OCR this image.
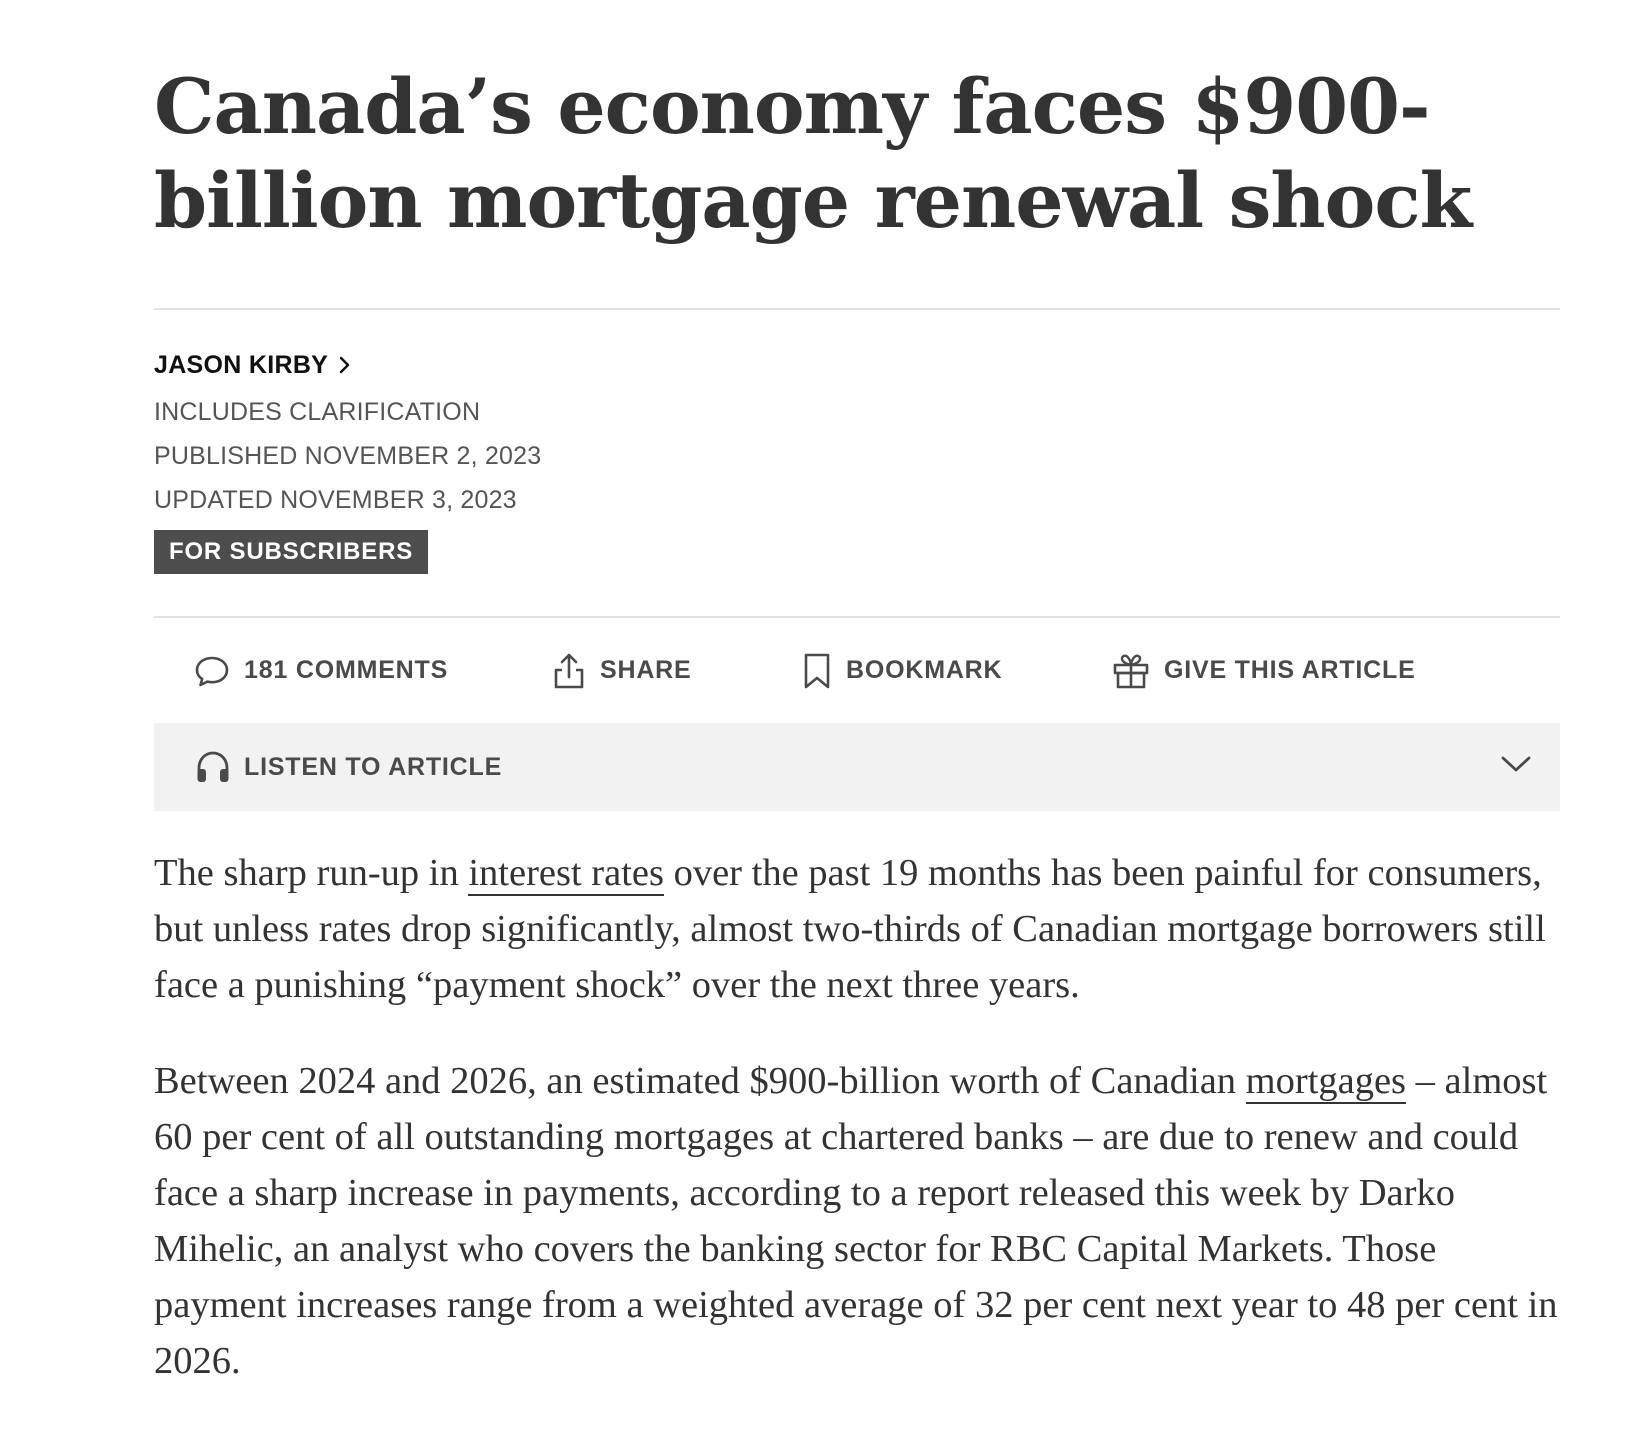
Canada’s economy faces $900-billion mortgage renewal shock
JASON KIRBY
INCLUDES CLARIFICATION
PUBLISHED NOVEMBER 2, 2023
UPDATED NOVEMBER 3, 2023
FOR SUBSCRIBERS
181 COMMENTS	SHARE	BOOKMARK	GIVE THIS ARTICLE
LISTEN TO ARTICLE

The sharp run-up in interest rates over the past 19 months has been painful for consumers, but unless rates drop significantly, almost two-thirds of Canadian mortgage borrowers still face a punishing “payment shock” over the next three years.

Between 2024 and 2026, an estimated $900-billion worth of Canadian mortgages – almost 60 per cent of all outstanding mortgages at chartered banks – are due to renew and could face a sharp increase in payments, according to a report released this week by Darko Mihelic, an analyst who covers the banking sector for RBC Capital Markets. Those payment increases range from a weighted average of 32 per cent next year to 48 per cent in 2026.
